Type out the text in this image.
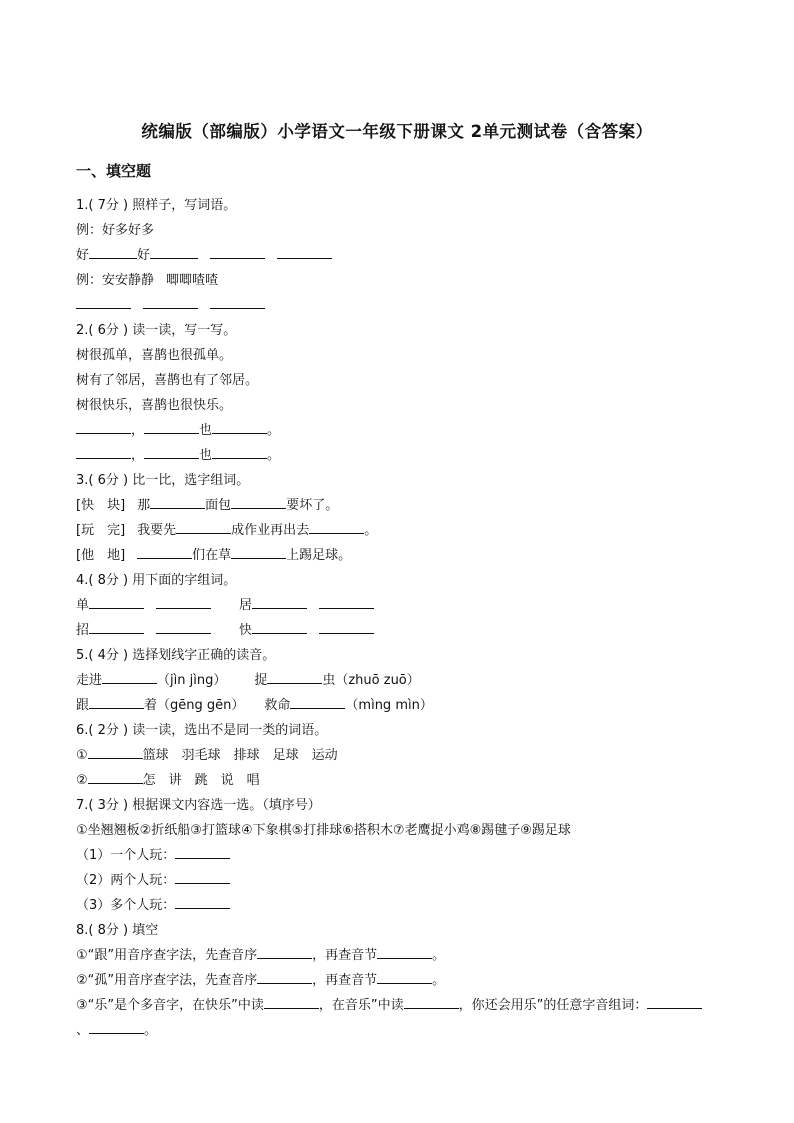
统编版（部编版）小学语文一年级下册课文 2单元测试卷（含答案）
一、填空题
1.( 7分 ) 照样子，写词语。
例：好多好多
好	好
例：安安静静 唧唧喳喳
2.( 6分 ) 读一读，写一写。
树很孤单，喜鹊也很孤单。
树有了邻居，喜鹊也有了邻居。
树很快乐，喜鹊也很快乐。
，	也	。
，	也	。
3.( 6分 ) 比一比，选字组词。
[快　块] 那	面包	要坏了。
[玩　完] 我要先	成作业再出去	。
[他　地]	们在草	上踢足球。
4.( 8分 ) 用下面的字组词。
单	居
招	快
5.( 4分 ) 选择划线字正确的读音。
走进	（jìn jìng） 捉	虫（zhuō zuō）
跟	着（gēng gēn） 救命	（mìng mìn）
6.( 2分 ) 读一读，选出不是同一类的词语。
①	篮球　羽毛球　排球　足球　运动
②	怎　讲　跳　说　唱
7.( 3分 ) 根据课文内容选一选。（填序号）
①坐翘翘板②折纸船③打篮球④下象棋⑤打排球⑥搭积木⑦老鹰捉小鸡⑧踢毽子⑨踢足球
（1）一个人玩：
（2）两个人玩：
（3）多个人玩：
8.( 8分 ) 填空
①“跟”用音序查字法，先查音序	，再查音节	。
②“孤”用音序查字法，先查音序	，再查音节	。
③“乐”是个多音字，在快乐”中读	，在音乐”中读	，你还会用乐”的任意字音组词：
、	。
